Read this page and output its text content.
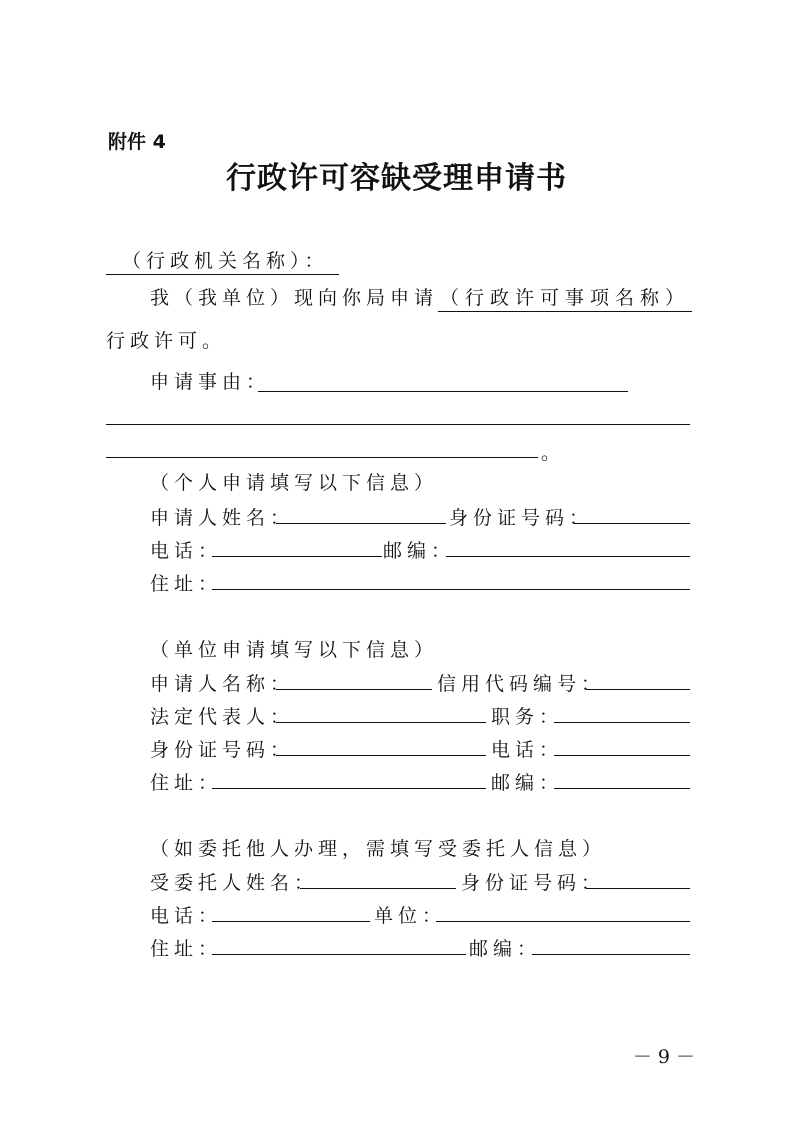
附件 4
行政许可容缺受理申请书
（行政机关名称）：
我（我单位）现向你局申请 （行政许可事项名称）
行政许可。
申请事由：
。
（个人申请填写以下信息）
申请人姓名：	身份证号码：
电话：	邮编：
住址：
（单位申请填写以下信息）
申请人名称：	信用代码编号：
法定代表人：	职务：
身份证号码：	电话：
住址：	邮编：
（如委托他人办理，需填写受委托人信息）
受委托人姓名：	身份证号码：
电话：	单位：
住址：	邮编：
－ 9 －
